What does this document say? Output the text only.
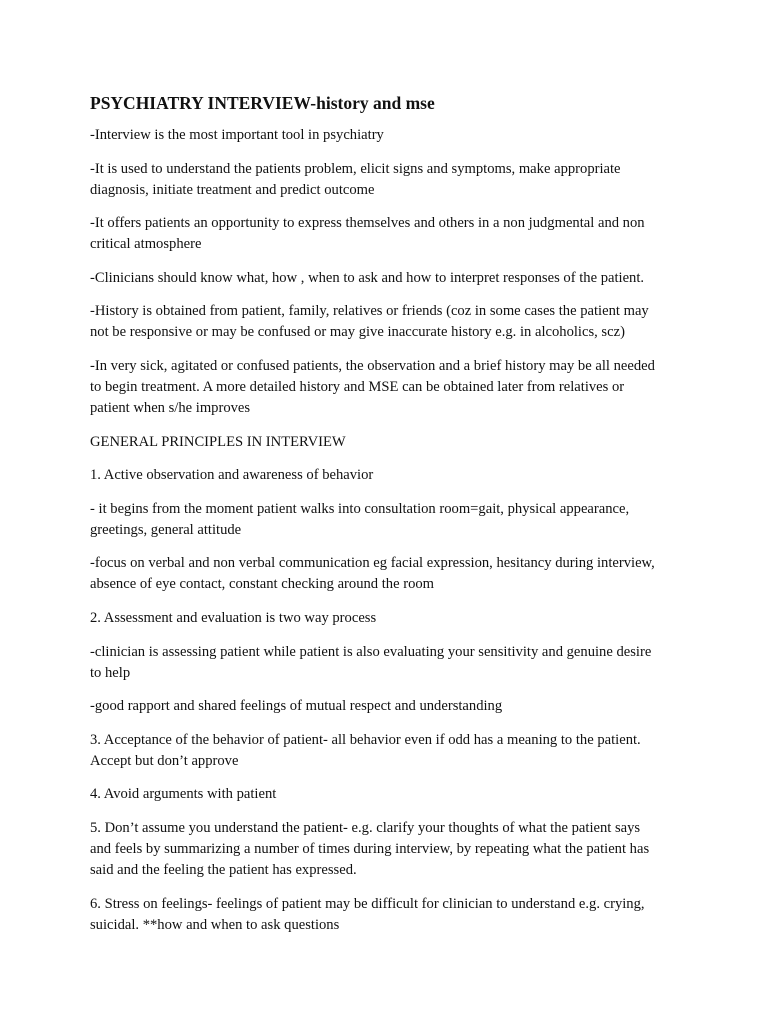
PSYCHIATRY INTERVIEW-history and mse
-Interview is the most important tool in psychiatry
-It is used to understand the patients problem, elicit signs and symptoms, make appropriate
diagnosis, initiate treatment and predict outcome
-It offers patients an opportunity to express themselves and others in a non judgmental and non
critical atmosphere
-Clinicians should know what, how , when to ask and how to interpret responses of the patient.
-History is obtained from patient, family, relatives or friends (coz in some cases the patient may
not be responsive or may be confused or may give inaccurate history e.g. in alcoholics, scz)
-In very sick, agitated or confused patients, the observation and a brief history may be all needed
to begin treatment. A more detailed history and MSE can be obtained later from relatives or
patient when s/he improves
GENERAL PRINCIPLES IN INTERVIEW
1. Active observation and awareness of behavior
- it begins from the moment patient walks into consultation room=gait, physical appearance,
greetings, general attitude
-focus on verbal and non verbal communication eg facial expression, hesitancy during interview,
absence of eye contact, constant checking around the room
2. Assessment and evaluation is two way process
-clinician is assessing patient while patient is also evaluating your sensitivity and genuine desire
to help
-good rapport and shared feelings of mutual respect and understanding
3. Acceptance of the behavior of patient- all behavior even if odd has a meaning to the patient.
Accept but don’t approve
4. Avoid arguments with patient
5. Don’t assume you understand the patient- e.g. clarify your thoughts of what the patient says
and feels by summarizing a number of times during interview, by repeating what the patient has
said and the feeling the patient has expressed.
6. Stress on feelings- feelings of patient may be difficult for clinician to understand e.g. crying,
suicidal. **how and when to ask questions
